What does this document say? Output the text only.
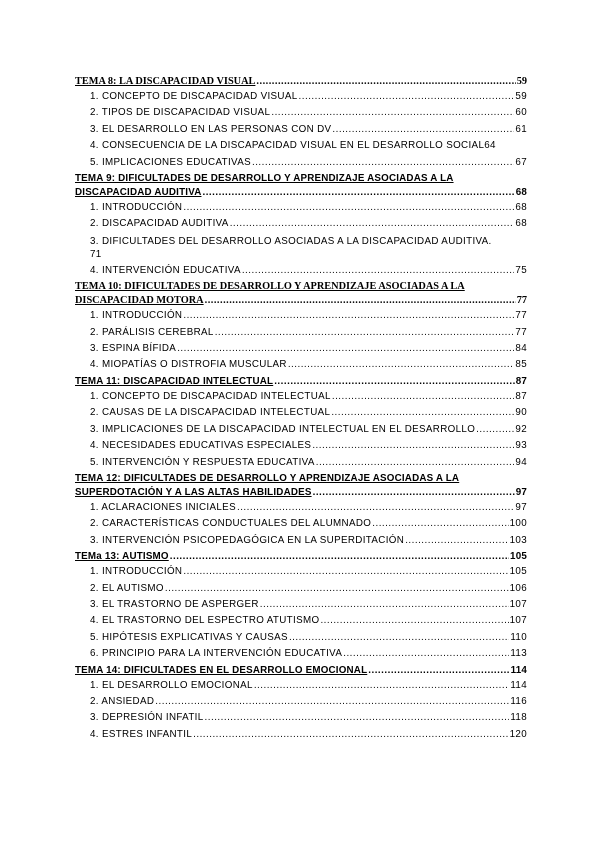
TEMA 8: LA DISCAPACIDAD VISUAL .....	59
1. CONCEPTO DE DISCAPACIDAD VISUAL .....	59
2. TIPOS DE DISCAPACIDAD VISUAL .....	60
3. EL DESARROLLO EN LAS PERSONAS CON DV .....	61
4. CONSECUENCIA DE LA DISCAPACIDAD VISUAL EN EL DESARROLLO SOCIAL 64
5. IMPLICACIONES EDUCATIVAS .....	67
TEMA 9: DIFICULTADES DE DESARROLLO Y APRENDIZAJE ASOCIADAS A LA
DISCAPACIDAD AUDITIVA .....	68
1. INTRODUCCIÓN .....	68
2. DISCAPACIDAD AUDITIVA .....	68
3. DIFICULTADES DEL DESARROLLO ASOCIADAS A LA DISCAPACIDAD AUDITIVA.
71
4. INTERVENCIÓN EDUCATIVA .....	75
TEMA 10: DIFICULTADES DE DESARROLLO Y APRENDIZAJE ASOCIADAS A LA
DISCAPACIDAD MOTORA .....	77
1. INTRODUCCIÓN .....	77
2. PARÁLISIS CEREBRAL .....	77
3. ESPINA BÍFIDA .....	84
4. MIOPATÍAS O DISTROFIA MUSCULAR .....	85
TEMA 11: DISCAPACIDAD INTELECTUAL .....	87
1. CONCEPTO DE DISCAPACIDAD INTELECTUAL .....	87
2. CAUSAS DE LA DISCAPACIDAD INTELECTUAL .....	90
3. IMPLICACIONES DE LA DISCAPACIDAD INTELECTUAL EN EL DESARROLLO .....	92
4. NECESIDADES EDUCATIVAS ESPECIALES .....	93
5. INTERVENCIÓN Y RESPUESTA EDUCATIVA .....	94
TEMA 12: DIFICULTADES DE DESARROLLO Y APRENDIZAJE ASOCIADAS A LA
SUPERDOTACIÓN Y A LAS ALTAS HABILIDADES .....	97
1. ACLARACIONES INICIALES .....	97
2. CARACTERÍSTICAS CONDUCTUALES DEL ALUMNADO .....	100
3. INTERVENCIÓN PSICOPEDAGÓGICA EN LA SUPERDITACIÓN .....	103
TEMa 13: AUTISMO .....	105
1. INTRODUCCIÓN .....	105
2. EL AUTISMO .....	106
3. EL TRASTORNO DE ASPERGER .....	107
4. EL TRASTORNO DEL ESPECTRO ATUTISMO .....	107
5. HIPÓTESIS EXPLICATIVAS Y CAUSAS .....	110
6. PRINCIPIO PARA LA INTERVENCIÓN EDUCATIVA .....	113
TEMA 14: DIFICULTADES EN EL DESARROLLO EMOCIONAL .....	114
1. EL DESARROLLO EMOCIONAL .....	114
2. ANSIEDAD .....	116
3. DEPRESIÓN INFATIL .....	118
4. ESTRES INFANTIL .....	120
